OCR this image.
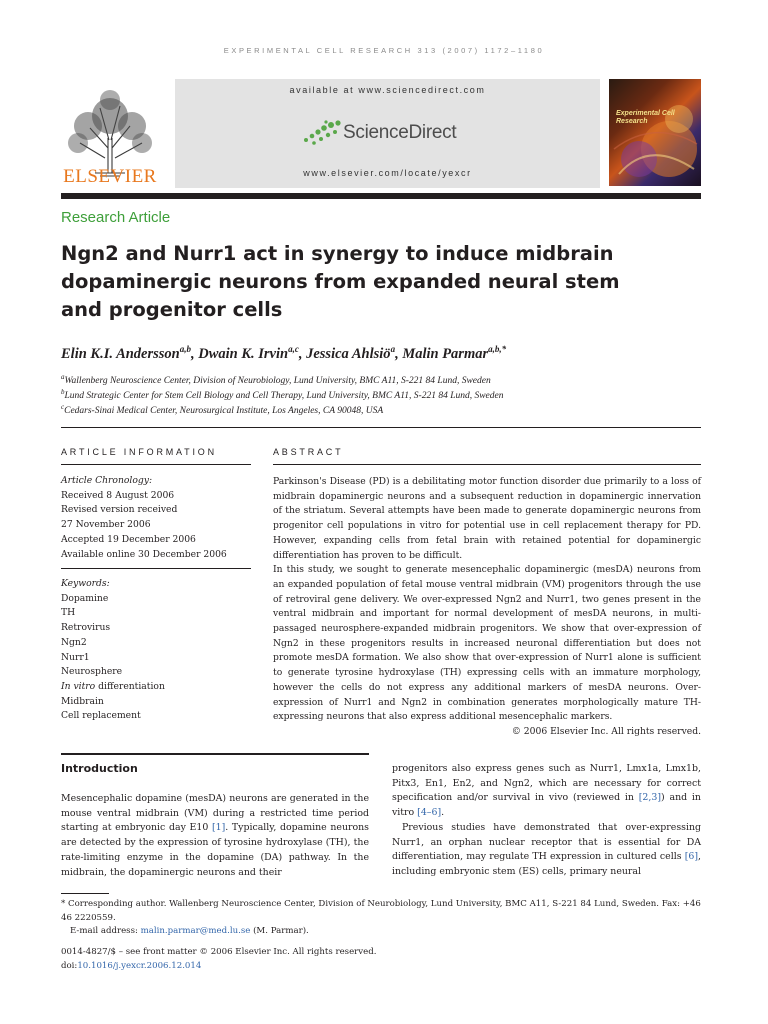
EXPERIMENTAL CELL RESEARCH 313 (2007) 1172–1180
ELSEVIER
available at www.sciencedirect.com
ScienceDirect
www.elsevier.com/locate/yexcr
Experimental Cell Research
Research Article
Ngn2 and Nurr1 act in synergy to induce midbrain dopaminergic neurons from expanded neural stem and progenitor cells
Elin K.I. Andersson$^{a,b}$, Dwain K. Irvin$^{a,c}$, Jessica Ahlsiö$^a$, Malin Parmar$^{a,b,*}$
$^a$Wallenberg Neuroscience Center, Division of Neurobiology, Lund University, BMC A11, S-221 84 Lund, Sweden
$^b$Lund Strategic Center for Stem Cell Biology and Cell Therapy, Lund University, BMC A11, S-221 84 Lund, Sweden
$^c$Cedars-Sinai Medical Center, Neurosurgical Institute, Los Angeles, CA 90048, USA
ARTICLE INFORMATION
Article Chronology:
Received 8 August 2006
Revised version received
27 November 2006
Accepted 19 December 2006
Available online 30 December 2006
Keywords:
Dopamine
TH
Retrovirus
Ngn2
Nurr1
Neurosphere
In vitro differentiation
Midbrain
Cell replacement
ABSTRACT

Parkinson's Disease (PD) is a debilitating motor function disorder due primarily to a loss of midbrain dopaminergic neurons and a subsequent reduction in dopaminergic innervation of the striatum. Several attempts have been made to generate dopaminergic neurons from progenitor cell populations in vitro for potential use in cell replacement therapy for PD. However, expanding cells from fetal brain with retained potential for dopaminergic differentiation has proven to be difficult.

In this study, we sought to generate mesencephalic dopaminergic (mesDA) neurons from an expanded population of fetal mouse ventral midbrain (VM) progenitors through the use of retroviral gene delivery. We over-expressed Ngn2 and Nurr1, two genes present in the ventral midbrain and important for normal development of mesDA neurons, in multi-passaged neurosphere-expanded midbrain progenitors. We show that over-expression of Ngn2 in these progenitors results in increased neuronal differentiation but does not promote mesDA formation. We also show that over-expression of Nurr1 alone is sufficient to generate tyrosine hydroxylase (TH) expressing cells with an immature morphology, however the cells do not express any additional markers of mesDA neurons. Over-expression of Nurr1 and Ngn2 in combination generates morphologically mature TH-expressing neurons that also express additional mesencephalic markers.

© 2006 Elsevier Inc. All rights reserved.

Introduction

Mesencephalic dopamine (mesDA) neurons are generated in the mouse ventral midbrain (VM) during a restricted time period starting at embryonic day E10 [1]. Typically, dopamine neurons are detected by the expression of tyrosine hydroxylase (TH), the rate-limiting enzyme in the dopamine (DA) pathway. In the midbrain, the dopaminergic neurons and their

progenitors also express genes such as Nurr1, Lmx1a, Lmx1b, Pitx3, En1, En2, and Ngn2, which are necessary for correct specification and/or survival in vivo (reviewed in [2,3]) and in vitro [4–6].

Previous studies have demonstrated that over-expressing Nurr1, an orphan nuclear receptor that is essential for DA differentiation, may regulate TH expression in cultured cells [6], including embryonic stem (ES) cells, primary neural

* Corresponding author. Wallenberg Neuroscience Center, Division of Neurobiology, Lund University, BMC A11, S-221 84 Lund, Sweden. Fax: +46 46 2220559.
E-mail address: malin.parmar@med.lu.se (M. Parmar).
0014-4827/$ – see front matter © 2006 Elsevier Inc. All rights reserved.
doi:10.1016/j.yexcr.2006.12.014
